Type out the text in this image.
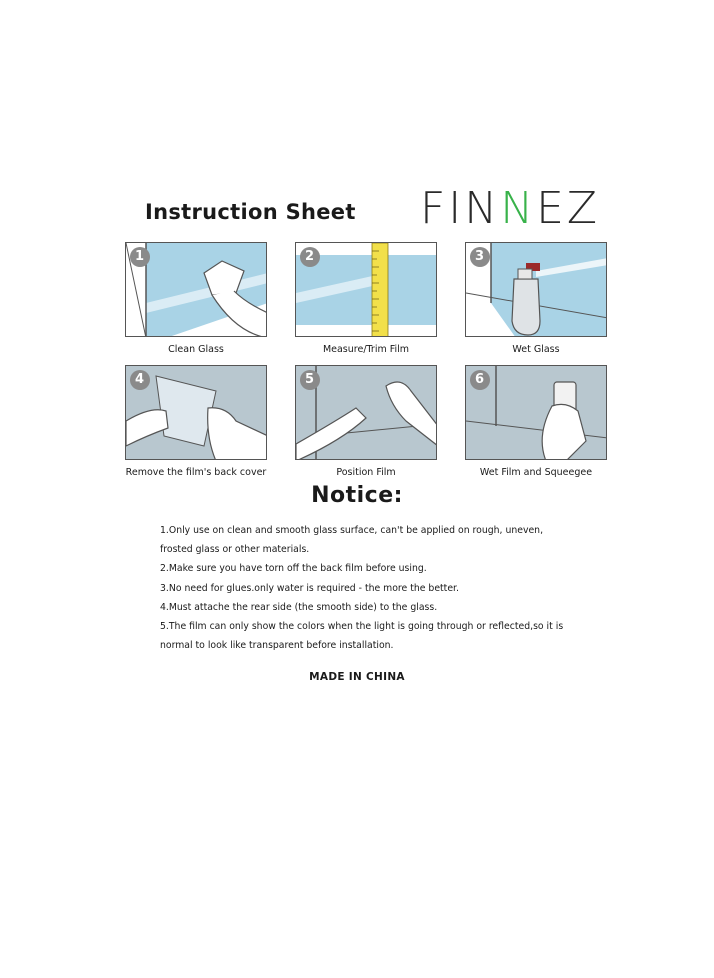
Instruction Sheet FINNEZ
1
Clean Glass
2
Measure/Trim Film
3
Wet Glass
4
Remove the film's back cover
5
Position Film
6
Wet Film and Squeegee
Notice:
1.Only use on clean and smooth glass surface, can't be applied on rough, uneven,
frosted glass or other materials.
2.Make sure you have torn off the back film before using.
3.No need for glues.only water is required - the more the better.
4.Must attache the rear side (the smooth side) to the glass.
5.The film can only show the colors when the light is going through or reflected,so it is
normal to look like transparent before installation.
MADE IN CHINA
